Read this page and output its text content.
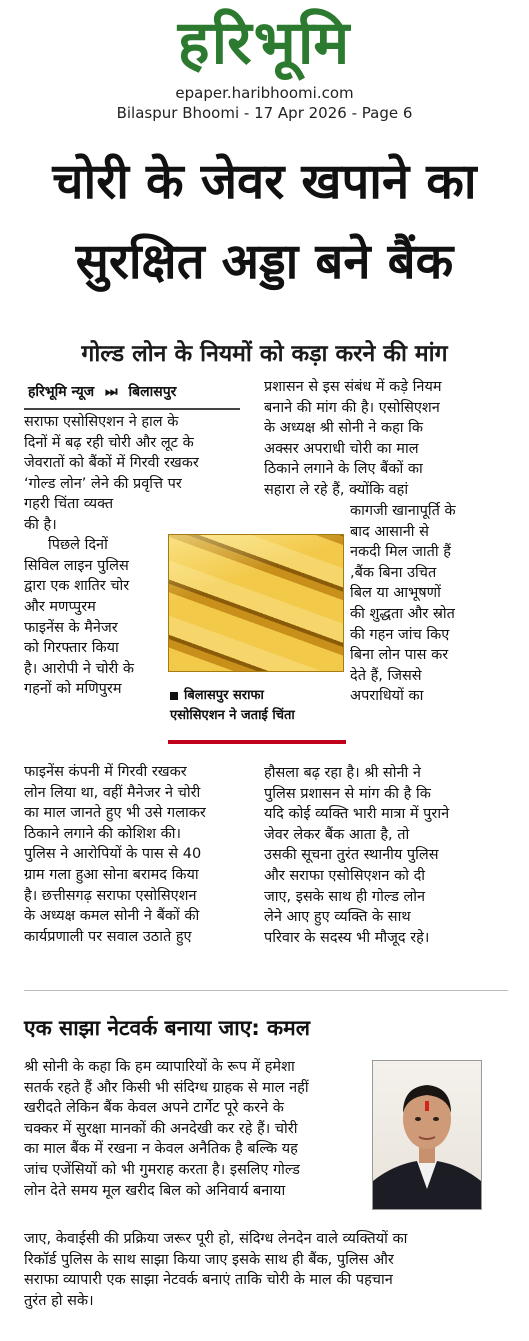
हरिभूमि
epaper.haribhoomi.com
Bilaspur Bhoomi - 17 Apr 2026 - Page 6
चोरी के जेवर खपाने का
सुरक्षित अड्डा बने बैंक
गोल्ड लोन के नियमों को कड़ा करने की मांग
हरिभूमि न्यूज ⏭ बिलासपुर

सराफा एसोसिएशन ने हाल के

दिनों में बढ़ रही चोरी और लूट के

जेवरातों को बैंकों में गिरवी रखकर

‘गोल्ड लोन’ लेने की प्रवृत्ति पर

गहरी चिंता व्यक्त

की है।

पिछले दिनों

सिविल लाइन पुलिस

द्वारा एक शातिर चोर

और मणप्पुरम

फाइनेंस के मैनेजर

को गिरफ्तार किया

है। आरोपी ने चोरी के

गहनों को मणिपुरम

फाइनेंस कंपनी में गिरवी रखकर

लोन लिया था, वहीं मैनेजर ने चोरी

का माल जानते हुए भी उसे गलाकर

ठिकाने लगाने की कोशिश की।

पुलिस ने आरोपियों के पास से 40

ग्राम गला हुआ सोना बरामद किया

है। छत्तीसगढ़ सराफा एसोसिएशन

के अध्यक्ष कमल सोनी ने बैंकों की

कार्यप्रणाली पर सवाल उठाते हुए

प्रशासन से इस संबंध में कड़े नियम

बनाने की मांग की है। एसोसिएशन

के अध्यक्ष श्री सोनी ने कहा कि

अक्सर अपराधी चोरी का माल

ठिकाने लगाने के लिए बैंकों का

सहारा ले रहे हैं, क्योंकि वहां

कागजी खानापूर्ति के

बाद आसानी से

नकदी मिल जाती हैं

,बैंक बिना उचित

बिल या आभूषणों

की शुद्धता और स्रोत

की गहन जांच किए

बिना लोन पास कर

देते हैं, जिससे

अपराधियों का

हौसला बढ़ रहा है। श्री सोनी ने

पुलिस प्रशासन से मांग की है कि

यदि कोई व्यक्ति भारी मात्रा में पुराने

जेवर लेकर बैंक आता है, तो

उसकी सूचना तुरंत स्थानीय पुलिस

और सराफा एसोसिएशन को दी

जाए, इसके साथ ही गोल्ड लोन

लेने आए हुए व्यक्ति के साथ

परिवार के सदस्य भी मौजूद रहे।

बिलासपुर सराफा
एसोसिएशन ने जताई चिंता
एक साझा नेटवर्क बनाया जाए: कमल

श्री सोनी के कहा कि हम व्यापारियों के रूप में हमेशा

सतर्क रहते हैं और किसी भी संदिग्ध ग्राहक से माल नहीं

खरीदते लेकिन बैंक केवल अपने टार्गेट पूरे करने के

चक्कर में सुरक्षा मानकों की अनदेखी कर रहे हैं। चोरी

का माल बैंक में रखना न केवल अनैतिक है बल्कि यह

जांच एजेंसियों को भी गुमराह करता है। इसलिए गोल्ड

लोन देते समय मूल खरीद बिल को अनिवार्य बनाया

जाए, केवाईसी की प्रक्रिया जरूर पूरी हो, संदिग्ध लेनदेन वाले व्यक्तियों का

रिकॉर्ड पुलिस के साथ साझा किया जाए इसके साथ ही बैंक, पुलिस और

सराफा व्यापारी एक साझा नेटवर्क बनाएं ताकि चोरी के माल की पहचान

तुरंत हो सके।
